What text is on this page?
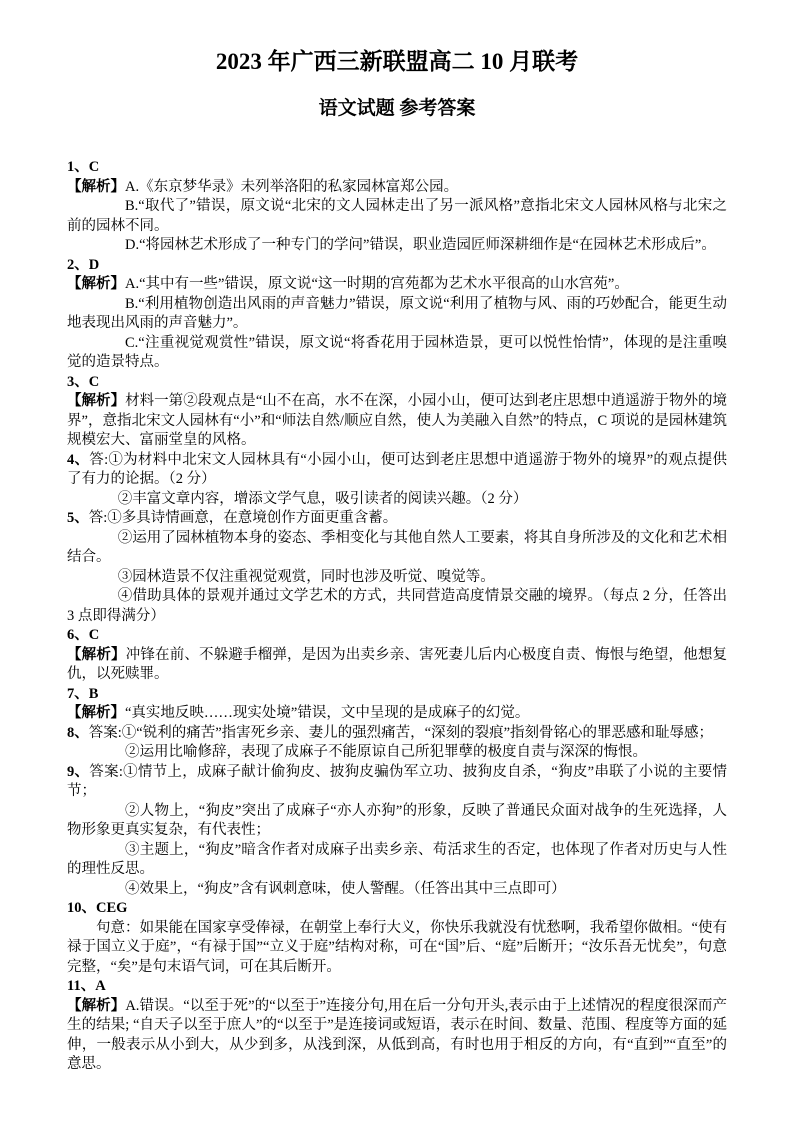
2023 年广西三新联盟高二 10 月联考
语文试题 参考答案

1、C

【解析】A.《东京梦华录》未列举洛阳的私家园林富郑公园。

B.“取代了”错误，原文说“北宋的文人园林走出了另一派风格”意指北宋文人园林风格与北宋之前的园林不同。

D.“将园林艺术形成了一种专门的学问”错误，职业造园匠师深耕细作是“在园林艺术形成后”。

2、D

【解析】A.“其中有一些”错误，原文说“这一时期的宫苑都为艺术水平很高的山水宫苑”。

B.“利用植物创造出风雨的声音魅力”错误，原文说“利用了植物与风、雨的巧妙配合，能更生动地表现出风雨的声音魅力”。

C.“注重视觉观赏性”错误，原文说“将香花用于园林造景，更可以悦性怡情”，体现的是注重嗅觉的造景特点。

3、C

【解析】材料一第②段观点是“山不在高，水不在深，小园小山，便可达到老庄思想中逍遥游于物外的境界”，意指北宋文人园林有“小”和“师法自然/顺应自然，使人为美融入自然”的特点，C 项说的是园林建筑规模宏大、富丽堂皇的风格。

4、答:①为材料中北宋文人园林具有“小园小山，便可达到老庄思想中逍遥游于物外的境界”的观点提供了有力的论据。（2 分）

②丰富文章内容，增添文学气息，吸引读者的阅读兴趣。（2 分）

5、答:①多具诗情画意，在意境创作方面更重含蓄。

②运用了园林植物本身的姿态、季相变化与其他自然人工要素，将其自身所涉及的文化和艺术相结合。

③园林造景不仅注重视觉观赏，同时也涉及听觉、嗅觉等。

④借助具体的景观并通过文学艺术的方式，共同营造高度情景交融的境界。（每点 2 分，任答出 3 点即得满分）

6、C

【解析】冲锋在前、不躲避手榴弹，是因为出卖乡亲、害死妻儿后内心极度自责、悔恨与绝望，他想复仇，以死赎罪。

7、B

【解析】“真实地反映……现实处境”错误，文中呈现的是成麻子的幻觉。

8、答案:①“锐利的痛苦”指害死乡亲、妻儿的强烈痛苦，“深刻的裂痕”指刻骨铭心的罪恶感和耻辱感；

②运用比喻修辞，表现了成麻子不能原谅自己所犯罪孽的极度自责与深深的悔恨。

9、答案:①情节上，成麻子献计偷狗皮、披狗皮骗伪军立功、披狗皮自杀，“狗皮”串联了小说的主要情节；

②人物上，“狗皮”突出了成麻子“亦人亦狗”的形象，反映了普通民众面对战争的生死选择，人物形象更真实复杂，有代表性；

③主题上，“狗皮”暗含作者对成麻子出卖乡亲、苟活求生的否定，也体现了作者对历史与人性的理性反思。

④效果上，“狗皮”含有讽刺意味，使人警醒。（任答出其中三点即可）

10、CEG

句意：如果能在国家享受俸禄，在朝堂上奉行大义，你快乐我就没有忧愁啊，我希望你做相。“使有禄于国立义于庭”，“有禄于国”“立义于庭”结构对称，可在“国”后、“庭”后断开；“汝乐吾无忧矣”，句意完整，“矣”是句末语气词，可在其后断开。

11、A

【解析】A.错误。“以至于死”的“以至于”连接分句,用在后一分句开头,表示由于上述情况的程度很深而产生的结果; “自天子以至于庶人”的“以至于”是连接词或短语，表示在时间、数量、范围、程度等方面的延伸，一般表示从小到大，从少到多，从浅到深，从低到高，有时也用于相反的方向，有“直到”“直至”的意思。
